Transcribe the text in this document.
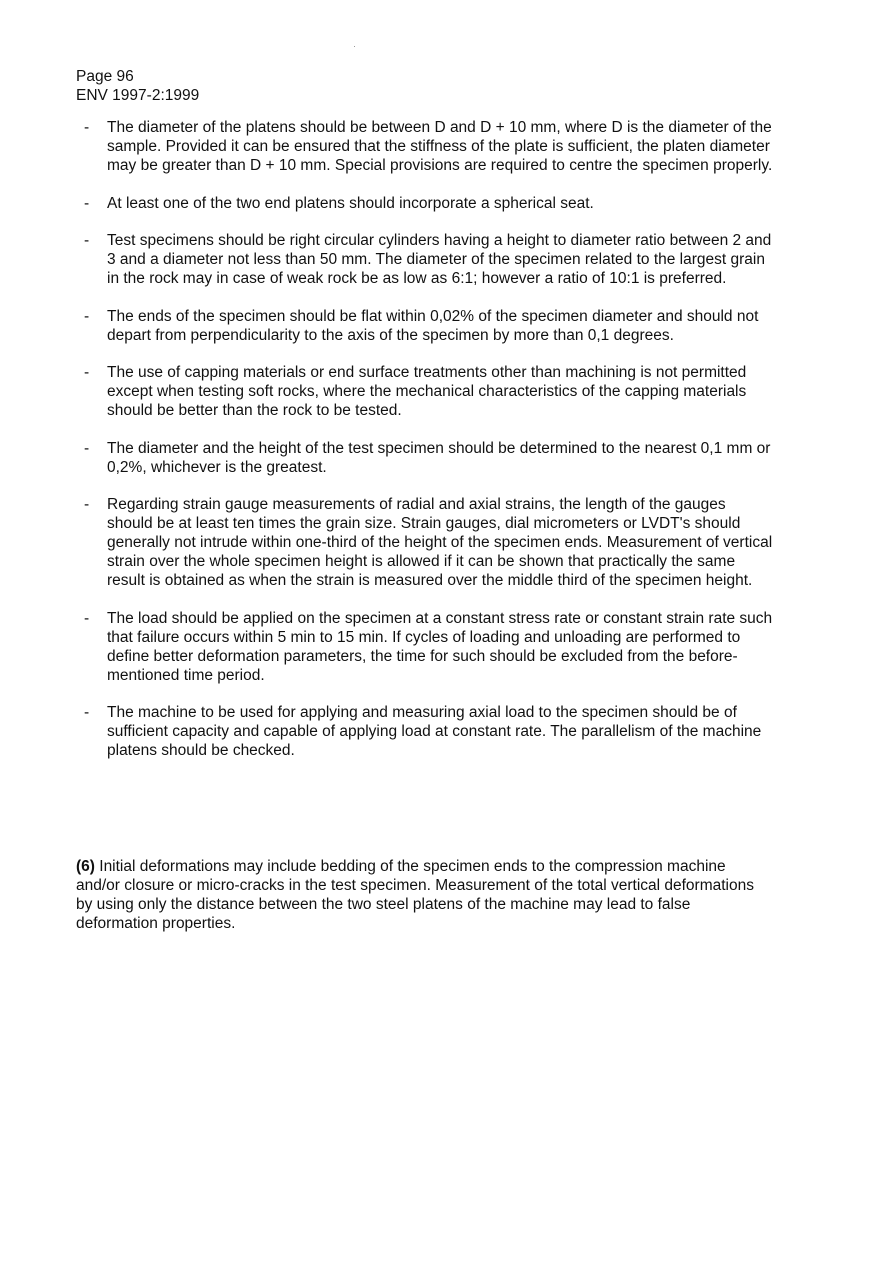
Page 96
ENV 1997-2:1999
- The diameter of the platens should be between D and D + 10 mm, where D is the diameter of the sample. Provided it can be ensured that the stiffness of the plate is sufficient, the platen diameter may be greater than D + 10 mm. Special provisions are required to centre the specimen properly.
- At least one of the two end platens should incorporate a spherical seat.
- Test specimens should be right circular cylinders having a height to diameter ratio between 2 and 3 and a diameter not less than 50 mm. The diameter of the specimen related to the largest grain in the rock may in case of weak rock be as low as 6:1; however a ratio of 10:1 is preferred.
- The ends of the specimen should be flat within 0,02% of the specimen diameter and should not depart from perpendicularity to the axis of the specimen by more than 0,1 degrees.
- The use of capping materials or end surface treatments other than machining is not permitted except when testing soft rocks, where the mechanical characteristics of the capping materials should be better than the rock to be tested.
- The diameter and the height of the test specimen should be determined to the nearest 0,1 mm or 0,2%, whichever is the greatest.
- Regarding strain gauge measurements of radial and axial strains, the length of the gauges should be at least ten times the grain size. Strain gauges, dial micrometers or LVDT's should generally not intrude within one-third of the height of the specimen ends. Measurement of vertical strain over the whole specimen height is allowed if it can be shown that practically the same result is obtained as when the strain is measured over the middle third of the specimen height.
- The load should be applied on the specimen at a constant stress rate or constant strain rate such that failure occurs within 5 min to 15 min. If cycles of loading and unloading are performed to define better deformation parameters, the time for such should be excluded from the before-mentioned time period.
- The machine to be used for applying and measuring axial load to the specimen should be of sufficient capacity and capable of applying load at constant rate. The parallelism of the machine platens should be checked.

(6) Initial deformations may include bedding of the specimen ends to the compression machine and/or closure or micro-cracks in the test specimen. Measurement of the total vertical deformations by using only the distance between the two steel platens of the machine may lead to false deformation properties.
